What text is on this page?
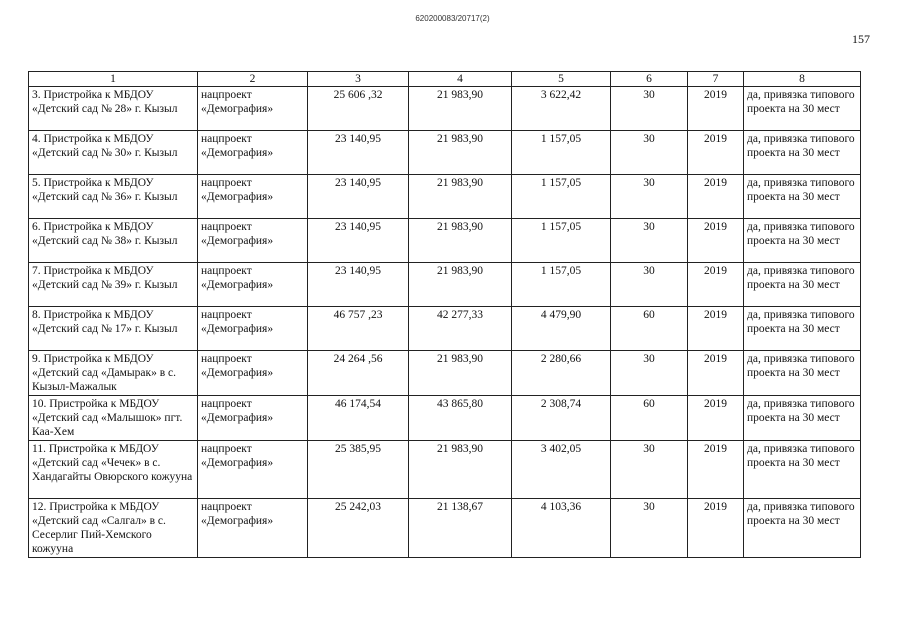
620200083/20717(2)
157
1	2	3	4	5	6	7	8
3. Пристройка к МБДОУ «Детский сад № 28» г. Кызыл	нацпроект «Демография»	25 606 ,32	21 983,90	3 622,42	30	2019	да, привязка типового проекта на 30 мест
4. Пристройка к МБДОУ «Детский сад № 30» г. Кызыл	нацпроект «Демография»	23 140,95	21 983,90	1 157,05	30	2019	да, привязка типового проекта на 30 мест
5. Пристройка к МБДОУ «Детский сад № 36» г. Кызыл	нацпроект «Демография»	23 140,95	21 983,90	1 157,05	30	2019	да, привязка типового проекта на 30 мест
6. Пристройка к МБДОУ «Детский сад № 38» г. Кызыл	нацпроект «Демография»	23 140,95	21 983,90	1 157,05	30	2019	да, привязка типового проекта на 30 мест
7. Пристройка к МБДОУ «Детский сад № 39» г. Кызыл	нацпроект «Демография»	23 140,95	21 983,90	1 157,05	30	2019	да, привязка типового проекта на 30 мест
8. Пристройка к МБДОУ «Детский сад № 17» г. Кызыл	нацпроект «Демография»	46 757 ,23	42 277,33	4 479,90	60	2019	да, привязка типового проекта на 30 мест
9. Пристройка к МБДОУ «Детский сад «Дамырак» в с. Кызыл-Мажалык	нацпроект «Демография»	24 264 ,56	21 983,90	2 280,66	30	2019	да, привязка типового проекта на 30 мест
10. Пристройка к МБДОУ «Детский сад «Малышок» пгт. Каа-Хем	нацпроект «Демография»	46 174,54	43 865,80	2 308,74	60	2019	да, привязка типового проекта на 30 мест
11. Пристройка к МБДОУ «Детский сад «Чечек» в с. Хандагайты Овюрского кожууна	нацпроект «Демография»	25 385,95	21 983,90	3 402,05	30	2019	да, привязка типового проекта на 30 мест
12. Пристройка к МБДОУ «Детский сад «Салгал» в с. Сесерлиг Пий-Хемского кожууна	нацпроект «Демография»	25 242,03	21 138,67	4 103,36	30	2019	да, привязка типового проекта на 30 мест
